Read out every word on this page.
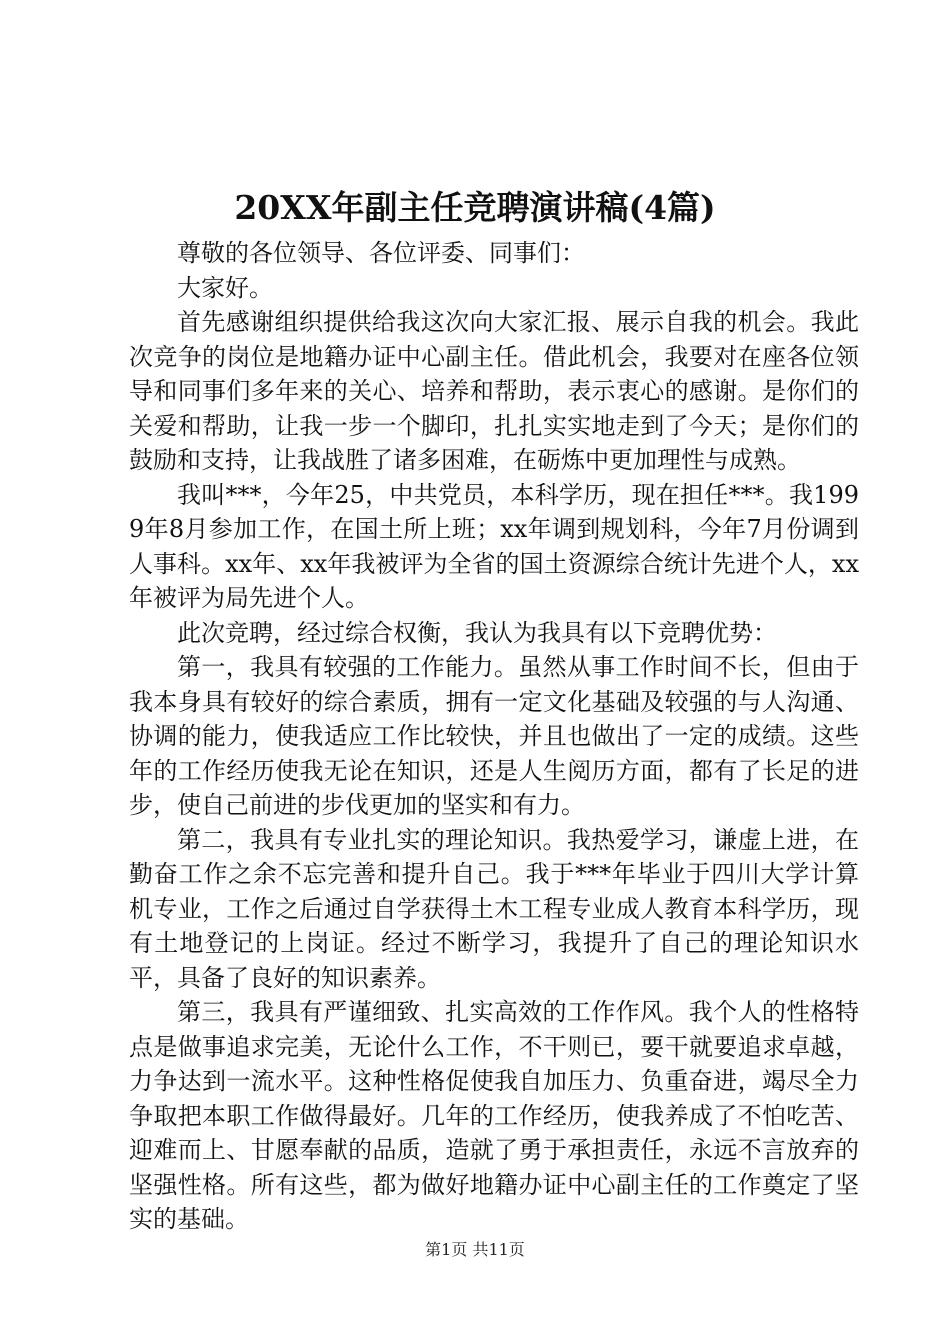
20XX年副主任竞聘演讲稿(4篇)

尊敬的各位领导、各位评委、同事们：

大家好。

首先感谢组织提供给我这次向大家汇报、展示自我的机会。我此次竞争的岗位是地籍办证中心副主任。借此机会，我要对在座各位领导和同事们多年来的关心、培养和帮助，表示衷心的感谢。是你们的关爱和帮助，让我一步一个脚印，扎扎实实地走到了今天；是你们的鼓励和支持，让我战胜了诸多困难，在砺炼中更加理性与成熟。

我叫***，今年25，中共党员，本科学历，现在担任***。我1999年8月参加工作，在国土所上班；xx年调到规划科，今年7月份调到人事科。xx年、xx年我被评为全省的国土资源综合统计先进个人，xx年被评为局先进个人。

此次竞聘，经过综合权衡，我认为我具有以下竞聘优势：

第一，我具有较强的工作能力。虽然从事工作时间不长，但由于我本身具有较好的综合素质，拥有一定文化基础及较强的与人沟通、协调的能力，使我适应工作比较快，并且也做出了一定的成绩。这些年的工作经历使我无论在知识，还是人生阅历方面，都有了长足的进步，使自己前进的步伐更加的坚实和有力。

第二，我具有专业扎实的理论知识。我热爱学习，谦虚上进，在勤奋工作之余不忘完善和提升自己。我于***年毕业于四川大学计算机专业，工作之后通过自学获得土木工程专业成人教育本科学历，现有土地登记的上岗证。经过不断学习，我提升了自己的理论知识水平，具备了良好的知识素养。

第三，我具有严谨细致、扎实高效的工作作风。我个人的性格特点是做事追求完美，无论什么工作，不干则已，要干就要追求卓越，力争达到一流水平。这种性格促使我自加压力、负重奋进，竭尽全力争取把本职工作做得最好。几年的工作经历，使我养成了不怕吃苦、迎难而上、甘愿奉献的品质，造就了勇于承担责任，永远不言放弃的坚强性格。所有这些，都为做好地籍办证中心副主任的工作奠定了坚实的基础。

第1页 共11页
